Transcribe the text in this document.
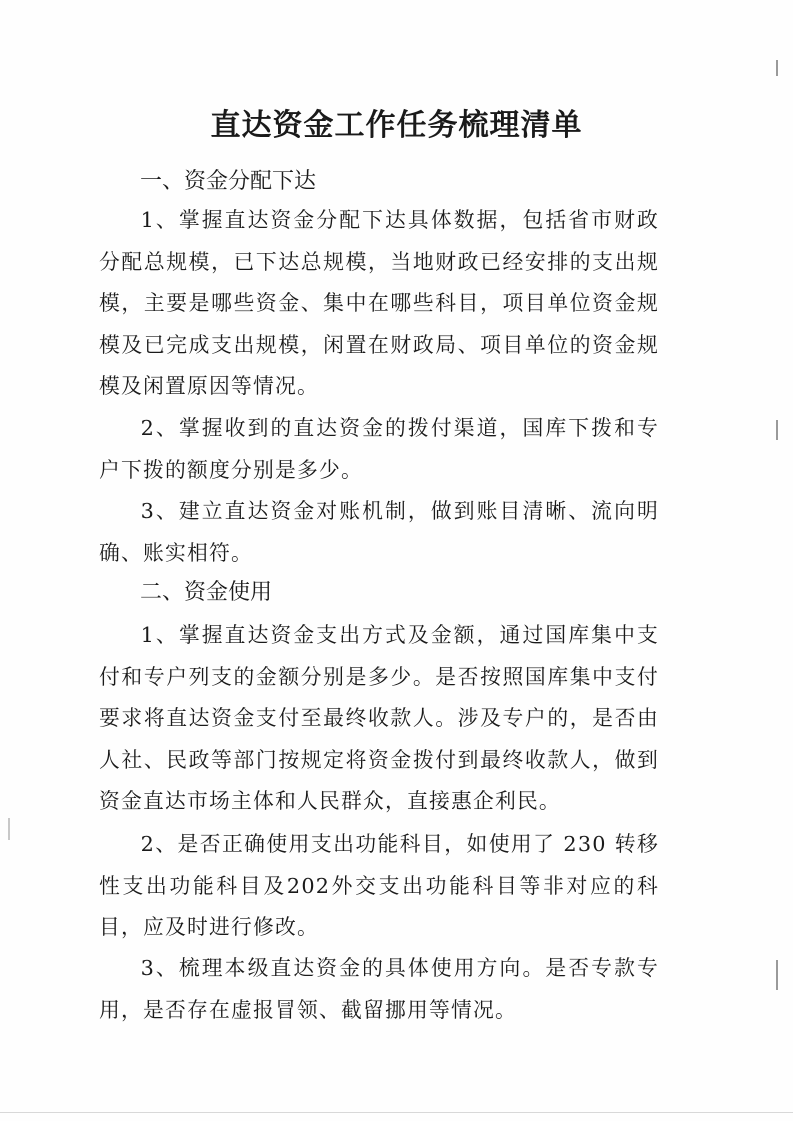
直达资金工作任务梳理清单

一、资金分配下达

1、掌握直达资金分配下达具体数据，包括省市财政分配总规模，已下达总规模，当地财政已经安排的支出规模，主要是哪些资金、集中在哪些科目，项目单位资金规模及已完成支出规模，闲置在财政局、项目单位的资金规模及闲置原因等情况。

2、掌握收到的直达资金的拨付渠道，国库下拨和专户下拨的额度分别是多少。

3、建立直达资金对账机制，做到账目清晰、流向明确、账实相符。

二、资金使用

1、掌握直达资金支出方式及金额，通过国库集中支付和专户列支的金额分别是多少。是否按照国库集中支付要求将直达资金支付至最终收款人。涉及专户的，是否由人社、民政等部门按规定将资金拨付到最终收款人，做到资金直达市场主体和人民群众，直接惠企利民。

2、是否正确使用支出功能科目，如使用了 230 转移性支出功能科目及202外交支出功能科目等非对应的科目，应及时进行修改。

3、梳理本级直达资金的具体使用方向。是否专款专用，是否存在虚报冒领、截留挪用等情况。
